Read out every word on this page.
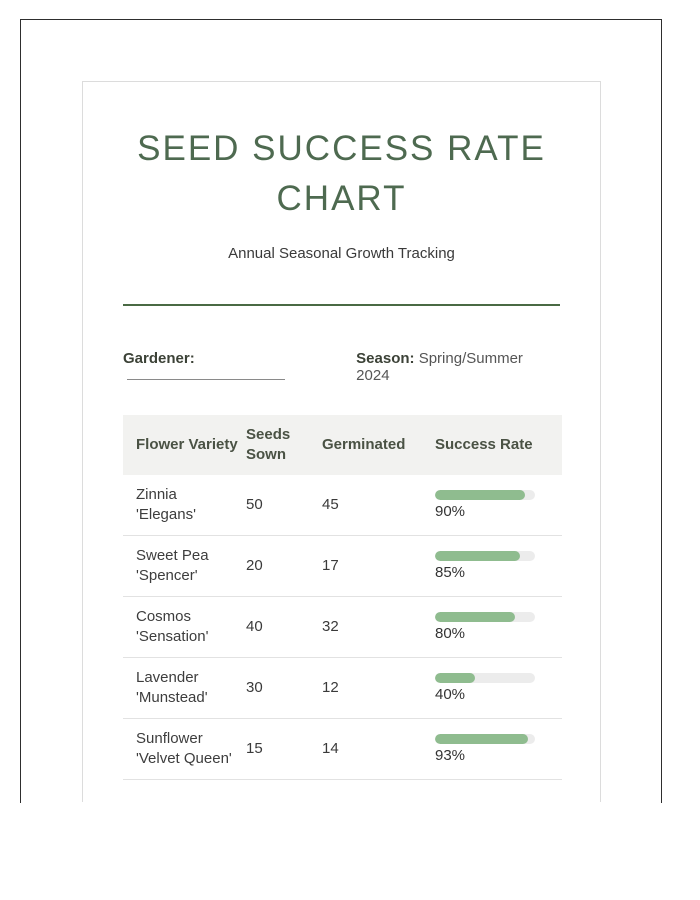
SEED SUCCESS RATE CHART
Annual Seasonal Growth Tracking
Gardener:	Season: Spring/Summer 2024
Flower Variety	Seeds Sown	Germinated	Success Rate
Zinnia 'Elegans'	50	45	90%

Sweet Pea 'Spencer'	20	17	85%

Cosmos 'Sensation'	40	32	80%

Lavender 'Munstead'	30	12	40%

Sunflower 'Velvet Queen'	15	14	93%
